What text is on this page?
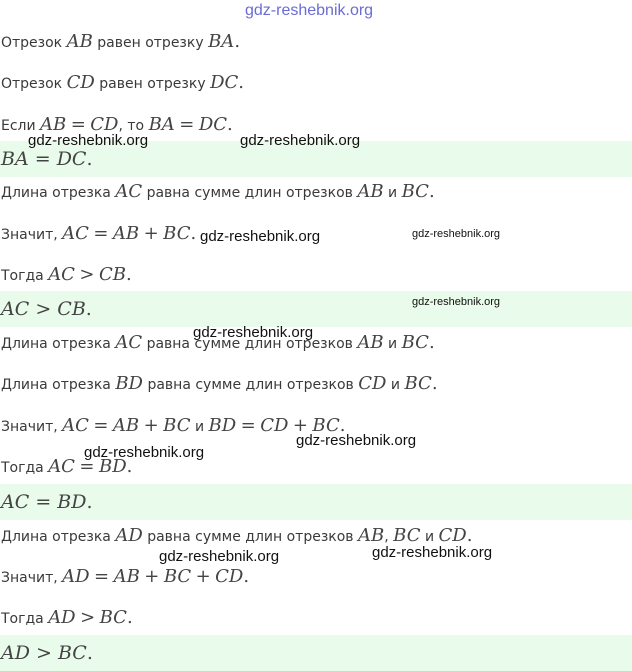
gdz-reshebnik.org
Отрезок AB равен отрезку BA.
Отрезок CD равен отрезку DC.
Если AB = CD, то BA = DC.
BA = DC.
Длина отрезка AC равна сумме длин отрезков AB и BC.
Значит, AC = AB + BC.
Тогда AC > CB.
AC > CB.
Длина отрезка AC равна сумме длин отрезков AB и BC.
Длина отрезка BD равна сумме длин отрезков CD и BC.
Значит, AC = AB + BC и BD = CD + BC.
Тогда AC = BD.
AC = BD.
Длина отрезка AD равна сумме длин отрезков AB, BC и CD.
Значит, AD = AB + BC + CD.
Тогда AD > BC.
AD > BC.
gdz-reshebnik.org	gdz-reshebnik.org
gdz-reshebnik.org	gdz-reshebnik.org
gdz-reshebnik.org
gdz-reshebnik.org
gdz-reshebnik.org
gdz-reshebnik.org
gdz-reshebnik.org
gdz-reshebnik.org
